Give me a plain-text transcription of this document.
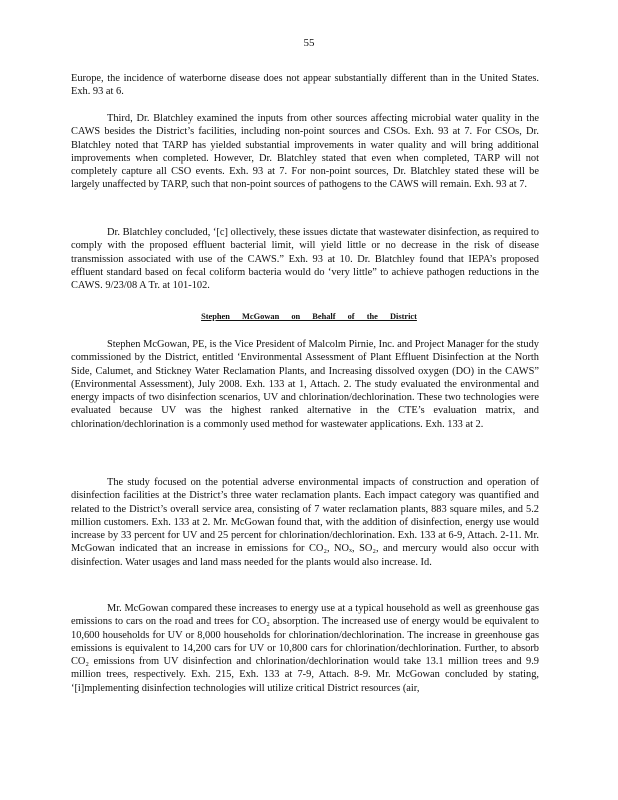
55

Europe, the incidence of waterborne disease does not appear substantially different than in the United States. Exh. 93 at 6.

Third, Dr. Blatchley examined the inputs from other sources affecting microbial water quality in the CAWS besides the District’s facilities, including non-point sources and CSOs. Exh. 93 at 7. For CSOs, Dr. Blatchley noted that TARP has yielded substantial improvements in water quality and will bring additional improvements when completed. However, Dr. Blatchley stated that even when completed, TARP will not completely capture all CSO events. Exh. 93 at 7. For non-point sources, Dr. Blatchley stated these will be largely unaffected by TARP, such that non-point sources of pathogens to the CAWS will remain. Exh. 93 at 7.

Dr. Blatchley concluded, ‘[c] ollectively, these issues dictate that wastewater disinfection, as required to comply with the proposed effluent bacterial limit, will yield little or no decrease in the risk of disease transmission associated with use of the CAWS.” Exh. 93 at 10. Dr. Blatchley found that IEPA’s proposed effluent standard based on fecal coliform bacteria would do ‘very little” to achieve pathogen reductions in the CAWS. 9/23/08 A Tr. at 101-102.

Stephen McGowan on Behalf of the District

Stephen McGowan, PE, is the Vice President of Malcolm Pirnie, Inc. and Project Manager for the study commissioned by the District, entitled ‘Environmental Assessment of Plant Effluent Disinfection at the North Side, Calumet, and Stickney Water Reclamation Plants, and Increasing dissolved oxygen (DO) in the CAWS” (Environmental Assessment), July 2008. Exh. 133 at 1, Attach. 2. The study evaluated the environmental and energy impacts of two disinfection scenarios, UV and chlorination/dechlorination. These two technologies were evaluated because UV was the highest ranked alternative in the CTE’s evaluation matrix, and chlorination/dechlorination is a commonly used method for wastewater applications. Exh. 133 at 2.

The study focused on the potential adverse environmental impacts of construction and operation of disinfection facilities at the District’s three water reclamation plants. Each impact category was quantified and related to the District’s overall service area, consisting of 7 water reclamation plants, 883 square miles, and 5.2 million customers. Exh. 133 at 2. Mr. McGowan found that, with the addition of disinfection, energy use would increase by 33 percent for UV and 25 percent for chlorination/dechlorination. Exh. 133 at 6-9, Attach. 2-11. Mr. McGowan indicated that an increase in emissions for CO₂, NOₓ, SO₂, and mercury would also occur with disinfection. Water usages and land mass needed for the plants would also increase. Id.

Mr. McGowan compared these increases to energy use at a typical household as well as greenhouse gas emissions to cars on the road and trees for CO₂ absorption. The increased use of energy would be equivalent to 10,600 households for UV or 8,000 households for chlorination/dechlorination. The increase in greenhouse gas emissions is equivalent to 14,200 cars for UV or 10,800 cars for chlorination/dechlorination. Further, to absorb CO₂ emissions from UV disinfection and chlorination/dechlorination would take 13.1 million trees and 9.9 million trees, respectively. Exh. 215, Exh. 133 at 7-9, Attach. 8-9. Mr. McGowan concluded by stating, ‘[i]mplementing disinfection technologies will utilize critical District resources (air,
